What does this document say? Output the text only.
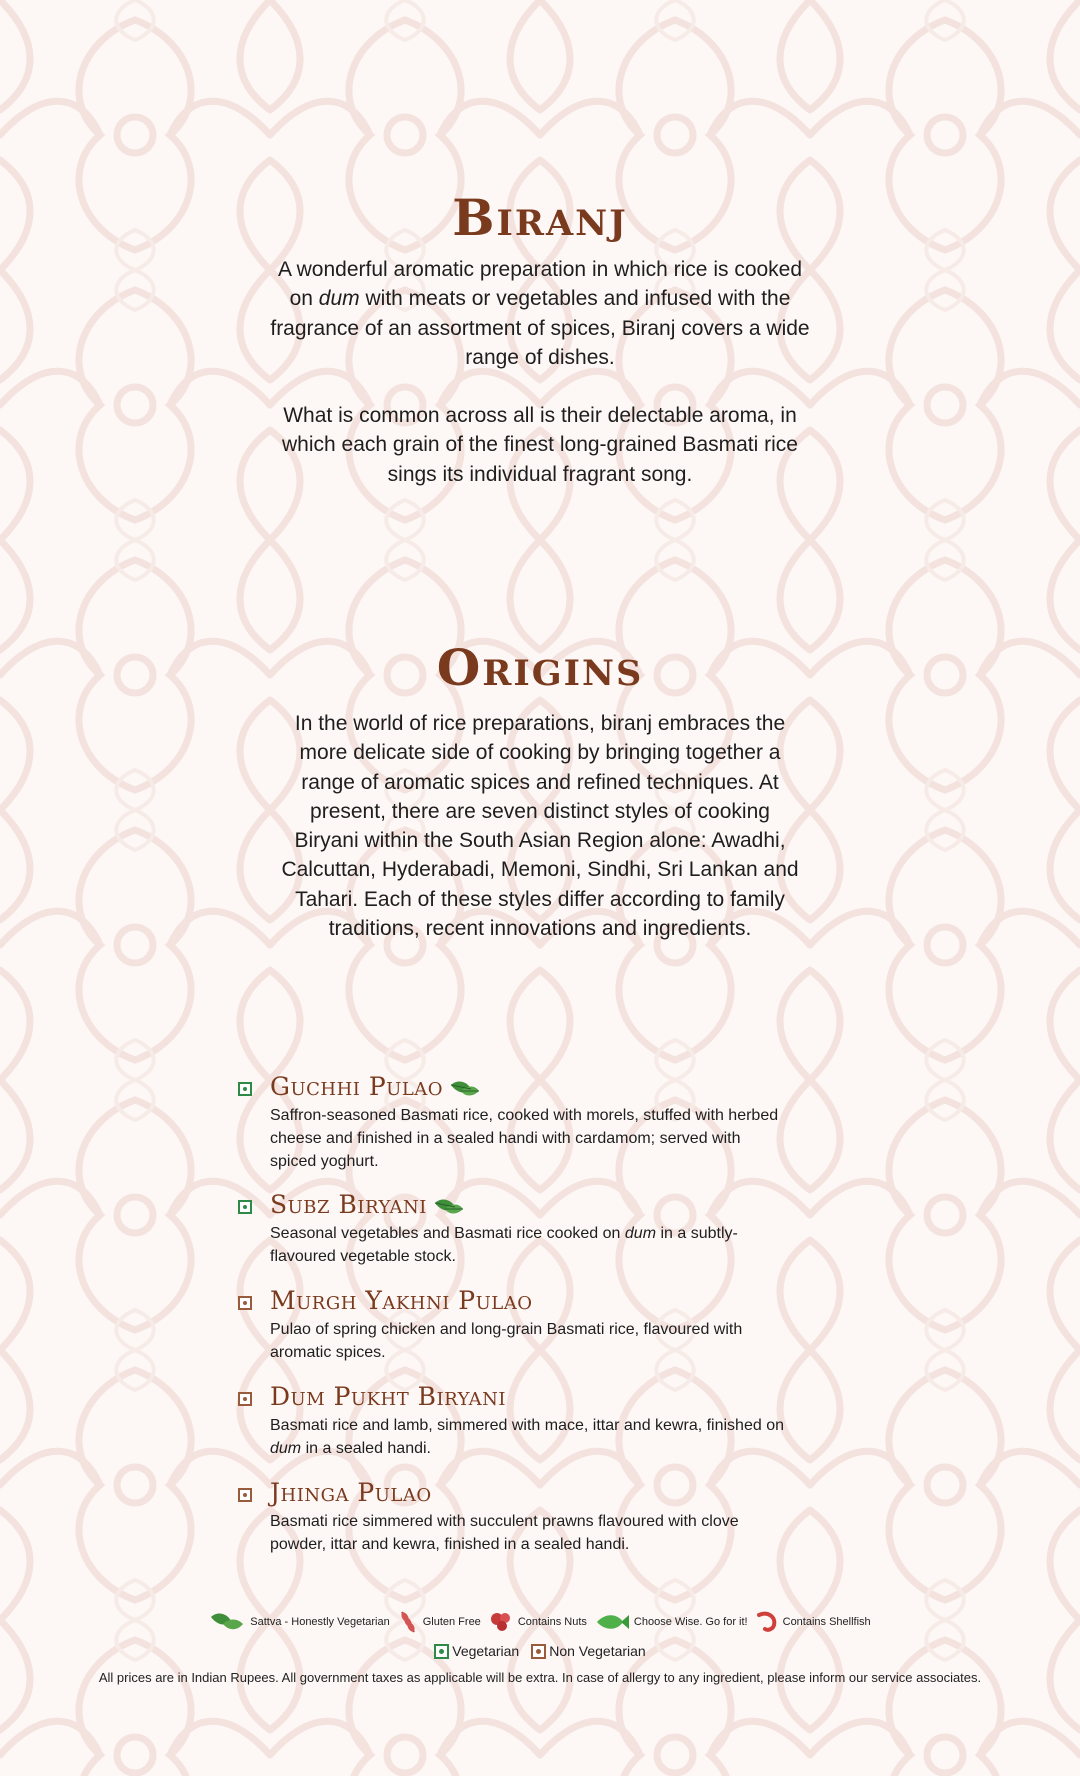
Biranj

A wonderful aromatic preparation in which rice is cooked on dum with meats or vegetables and infused with the fragrance of an assortment of spices, Biranj covers a wide range of dishes.

What is common across all is their delectable aroma, in which each grain of the finest long-grained Basmati rice sings its individual fragrant song.

Origins

In the world of rice preparations, biranj embraces the more delicate side of cooking by bringing together a range of aromatic spices and refined techniques. At present, there are seven distinct styles of cooking Biryani within the South Asian Region alone: Awadhi, Calcuttan, Hyderabadi, Memoni, Sindhi, Sri Lankan and Tahari. Each of these styles differ according to family traditions, recent innovations and ingredients.

Guchhi Pulao

Saffron-seasoned Basmati rice, cooked with morels, stuffed with herbed cheese and finished in a sealed handi with cardamom; served with spiced yoghurt.

Subz Biryani

Seasonal vegetables and Basmati rice cooked on dum in a subtly-flavoured vegetable stock.

Murgh Yakhni Pulao

Pulao of spring chicken and long-grain Basmati rice, flavoured with aromatic spices.

Dum Pukht Biryani

Basmati rice and lamb, simmered with mace, ittar and kewra, finished on dum in a sealed handi.

Jhinga Pulao

Basmati rice simmered with succulent prawns flavoured with clove powder, ittar and kewra, finished in a sealed handi.

Sattva - Honestly Vegetarian	Gluten Free	Contains Nuts	Choose Wise. Go for it!	Contains Shellfish
Vegetarian Non Vegetarian

All prices are in Indian Rupees. All government taxes as applicable will be extra. In case of allergy to any ingredient, please inform our service associates.
